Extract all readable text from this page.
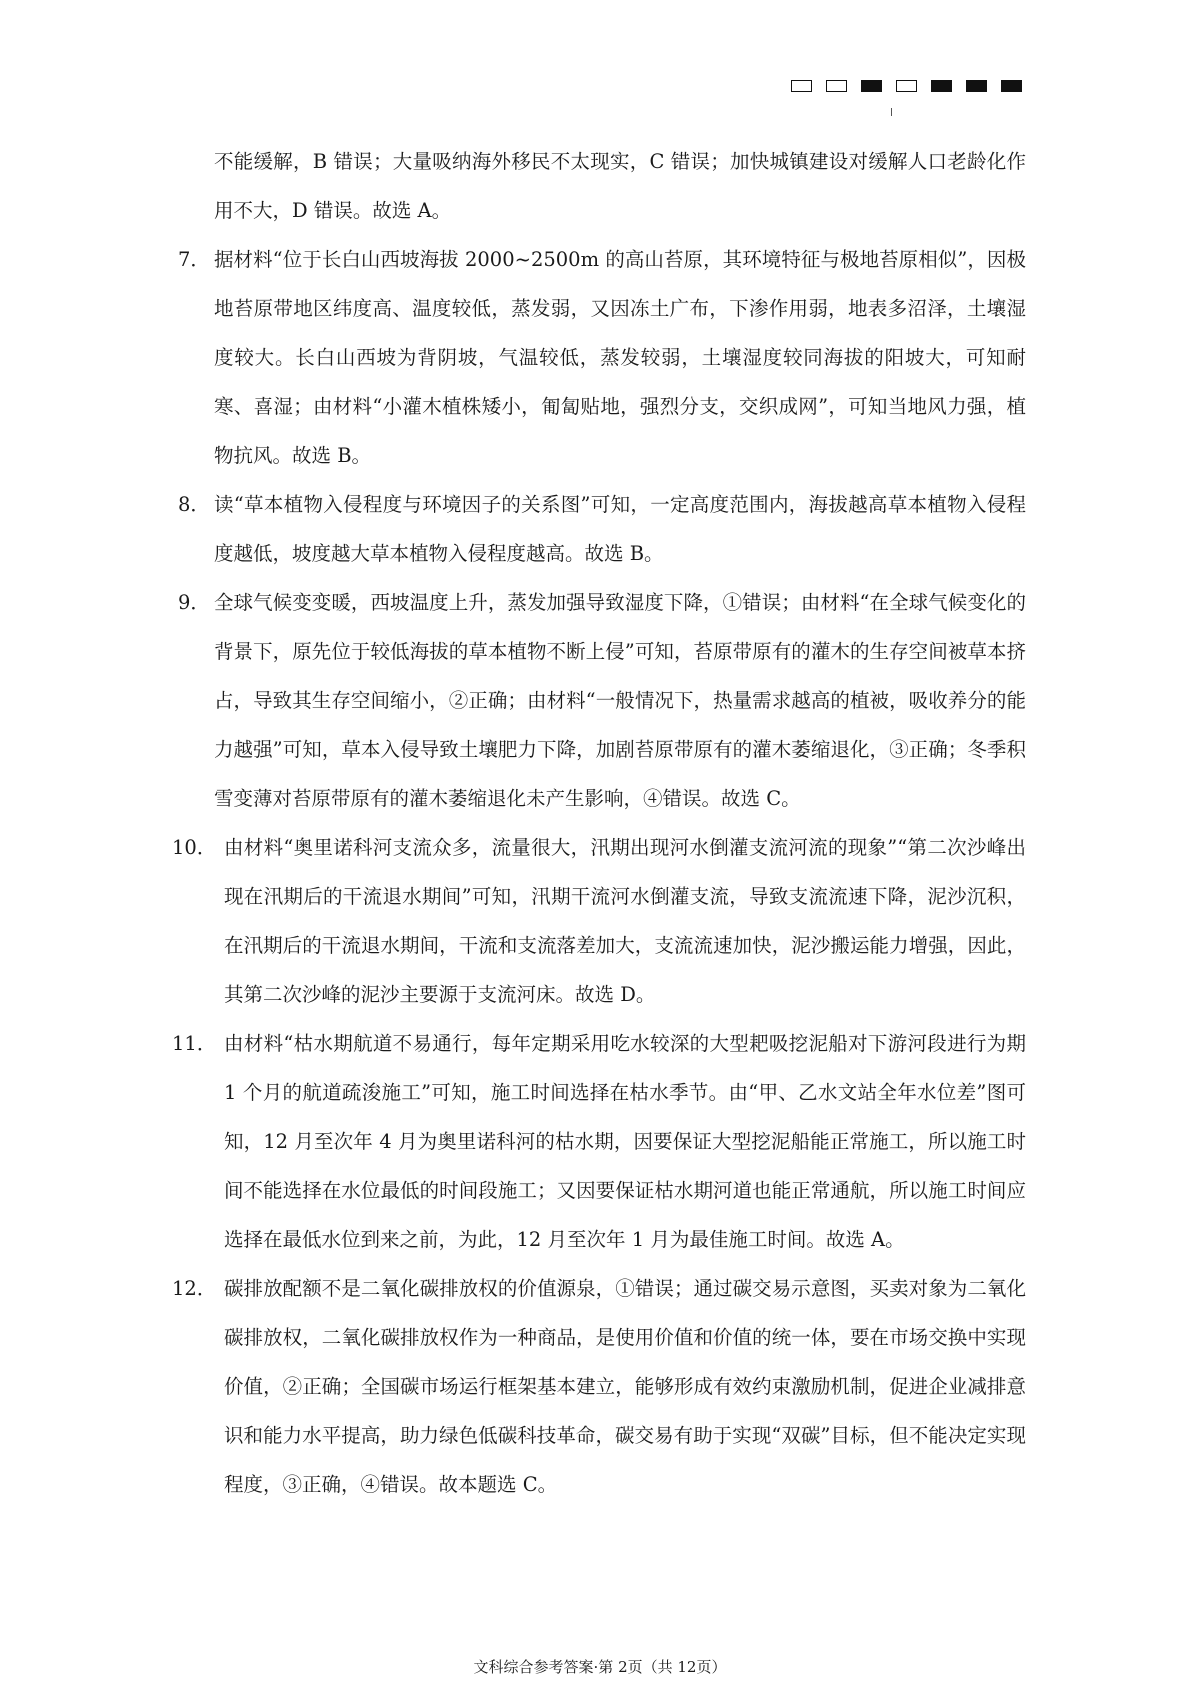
不能缓解，B 错误；大量吸纳海外移民不太现实，C 错误；加快城镇建设对缓解人口老龄化作用不大，D 错误。故选 A。

7． 据材料“位于长白山西坡海拔 2000~2500m 的高山苔原，其环境特征与极地苔原相似”，因极地苔原带地区纬度高、温度较低，蒸发弱，又因冻土广布，下渗作用弱，地表多沼泽，土壤湿度较大。长白山西坡为背阴坡，气温较低，蒸发较弱，土壤湿度较同海拔的阳坡大，可知耐寒、喜湿；由材料“小灌木植株矮小，匍匐贴地，强烈分支，交织成网”，可知当地风力强，植物抗风。故选 B。
8． 读“草本植物入侵程度与环境因子的关系图”可知，一定高度范围内，海拔越高草本植物入侵程度越低，坡度越大草本植物入侵程度越高。故选 B。
9． 全球气候变变暖，西坡温度上升，蒸发加强导致湿度下降，①错误；由材料“在全球气候变化的背景下，原先位于较低海拔的草本植物不断上侵”可知，苔原带原有的灌木的生存空间被草本挤占，导致其生存空间缩小，②正确；由材料“一般情况下，热量需求越高的植被，吸收养分的能力越强”可知，草本入侵导致土壤肥力下降，加剧苔原带原有的灌木萎缩退化，③正确；冬季积雪变薄对苔原带原有的灌木萎缩退化未产生影响，④错误。故选 C。
10． 由材料“奥里诺科河支流众多，流量很大，汛期出现河水倒灌支流河流的现象”“第二次沙峰出现在汛期后的干流退水期间”可知，汛期干流河水倒灌支流，导致支流流速下降，泥沙沉积，在汛期后的干流退水期间，干流和支流落差加大，支流流速加快，泥沙搬运能力增强，因此，其第二次沙峰的泥沙主要源于支流河床。故选 D。
11． 由材料“枯水期航道不易通行，每年定期采用吃水较深的大型耙吸挖泥船对下游河段进行为期 1 个月的航道疏浚施工”可知，施工时间选择在枯水季节。由“甲、乙水文站全年水位差”图可知，12 月至次年 4 月为奥里诺科河的枯水期，因要保证大型挖泥船能正常施工，所以施工时间不能选择在水位最低的时间段施工；又因要保证枯水期河道也能正常通航，所以施工时间应选择在最低水位到来之前，为此，12 月至次年 1 月为最佳施工时间。故选 A。
12． 碳排放配额不是二氧化碳排放权的价值源泉，①错误；通过碳交易示意图，买卖对象为二氧化碳排放权，二氧化碳排放权作为一种商品，是使用价值和价值的统一体，要在市场交换中实现价值，②正确；全国碳市场运行框架基本建立，能够形成有效约束激励机制，促进企业减排意识和能力水平提高，助力绿色低碳科技革命，碳交易有助于实现“双碳”目标，但不能决定实现程度，③正确，④错误。故本题选 C。
文科综合参考答案·第 2页（共 12页）
